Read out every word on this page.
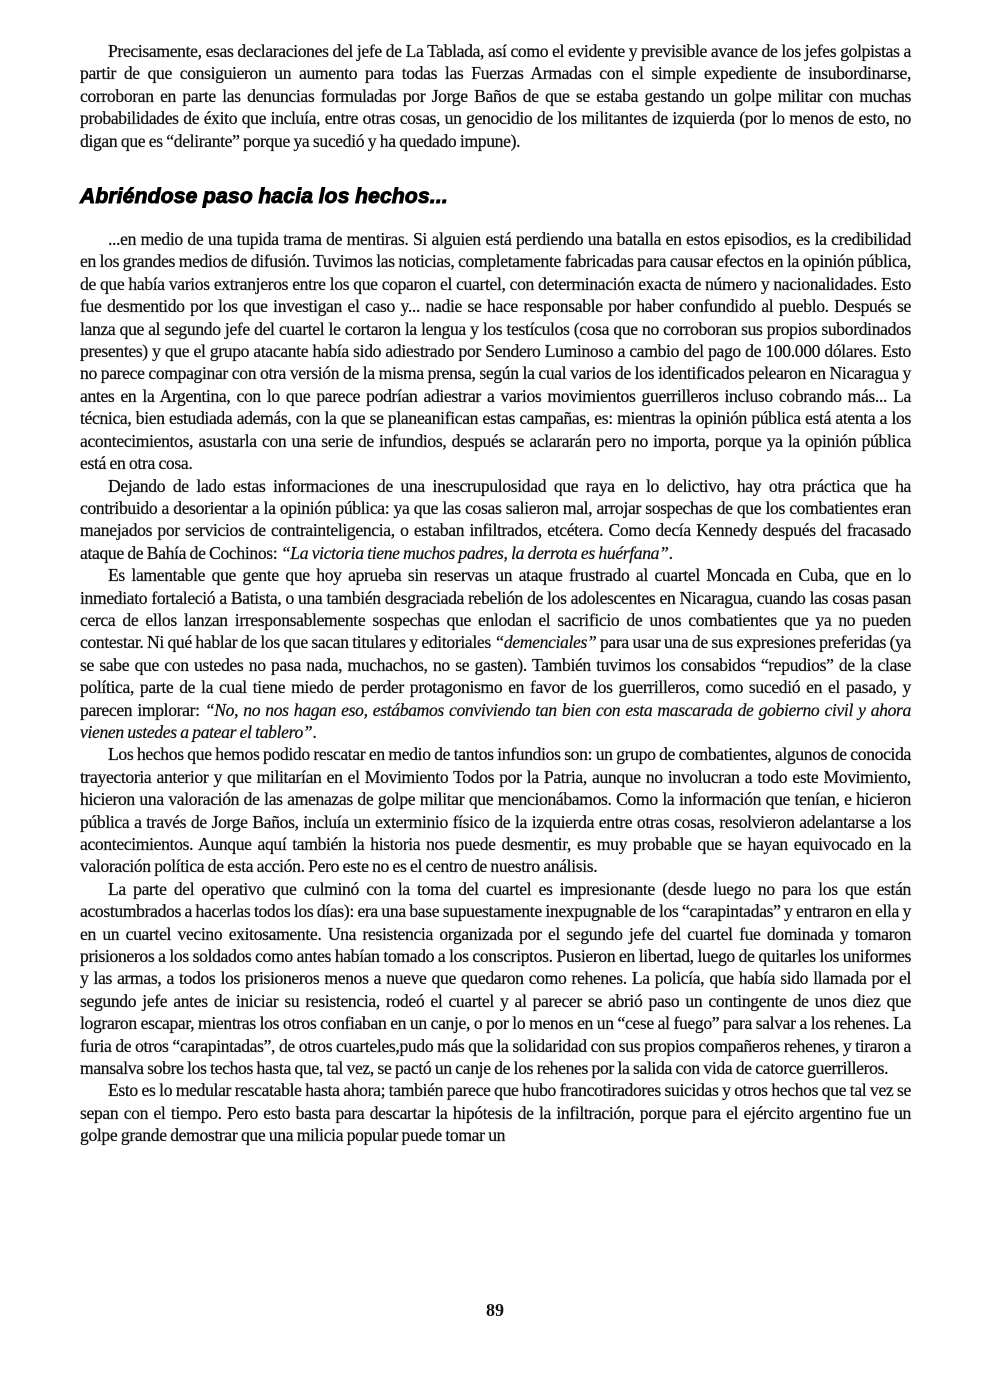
Precisamente, esas declaraciones del jefe de La Tablada, así como el evidente y previsible avance de los jefes golpistas a partir de que consiguieron un aumento para todas las Fuerzas Armadas con el simple expediente de insubordinarse, corroboran en parte las denuncias formuladas por Jorge Baños de que se estaba gestando un golpe militar con muchas probabilidades de éxito que incluía, entre otras cosas, un genocidio de los militantes de izquierda (por lo menos de esto, no digan que es “delirante” porque ya sucedió y ha quedado impune).

Abriéndose paso hacia los hechos...

...en medio de una tupida trama de mentiras. Si alguien está perdiendo una batalla en estos episodios, es la credibilidad en los grandes medios de difusión. Tuvimos las noticias, completamente fabricadas para causar efectos en la opinión pública, de que había varios extranjeros entre los que coparon el cuartel, con determinación exacta de número y nacionalidades. Esto fue desmentido por los que investigan el caso y... nadie se hace responsable por haber confundido al pueblo. Después se lanza que al segundo jefe del cuartel le cortaron la lengua y los testículos (cosa que no corroboran sus propios subordinados presentes) y que el grupo atacante había sido adiestrado por Sendero Luminoso a cambio del pago de 100.000 dólares. Esto no parece compaginar con otra versión de la misma prensa, según la cual varios de los identificados pelearon en Nicaragua y antes en la Argentina, con lo que parece podrían adiestrar a varios movimientos guerrilleros incluso cobrando más... La técnica, bien estudiada además, con la que se planeanifican estas campañas, es: mientras la opinión pública está atenta a los acontecimientos, asustarla con una serie de infundios, después se aclararán pero no importa, porque ya la opinión pública está en otra cosa.

Dejando de lado estas informaciones de una inescrupulosidad que raya en lo delictivo, hay otra práctica que ha contribuido a desorientar a la opinión pública: ya que las cosas salieron mal, arrojar sospechas de que los combatientes eran manejados por servicios de contrainteligencia, o estaban infiltrados, etcétera. Como decía Kennedy después del fracasado ataque de Bahía de Cochinos: “La victoria tiene muchos padres, la derrota es huérfana”.

Es lamentable que gente que hoy aprueba sin reservas un ataque frustrado al cuartel Moncada en Cuba, que en lo inmediato fortaleció a Batista, o una también desgraciada rebelión de los adolescentes en Nicaragua, cuando las cosas pasan cerca de ellos lanzan irresponsablemente sospechas que enlodan el sacrificio de unos combatientes que ya no pueden contestar. Ni qué hablar de los que sacan titulares y editoriales “demenciales” para usar una de sus expresiones preferidas (ya se sabe que con ustedes no pasa nada, muchachos, no se gasten). También tuvimos los consabidos “repudios” de la clase política, parte de la cual tiene miedo de perder protagonismo en favor de los guerrilleros, como sucedió en el pasado, y parecen implorar: “No, no nos hagan eso, estábamos conviviendo tan bien con esta mascarada de gobierno civil y ahora vienen ustedes a patear el tablero”.

Los hechos que hemos podido rescatar en medio de tantos infundios son: un grupo de combatientes, algunos de conocida trayectoria anterior y que militarían en el Movimiento Todos por la Patria, aunque no involucran a todo este Movimiento, hicieron una valoración de las amenazas de golpe militar que mencionábamos. Como la información que tenían, e hicieron pública a través de Jorge Baños, incluía un exterminio físico de la izquierda entre otras cosas, resolvieron adelantarse a los acontecimientos. Aunque aquí también la historia nos puede desmentir, es muy probable que se hayan equivocado en la valoración política de esta acción. Pero este no es el centro de nuestro análisis.

La parte del operativo que culminó con la toma del cuartel es impresionante (desde luego no para los que están acostumbrados a hacerlas todos los días): era una base supuestamente inexpugnable de los “carapintadas” y entraron en ella y en un cuartel vecino exitosamente. Una resistencia organizada por el segundo jefe del cuartel fue dominada y tomaron prisioneros a los soldados como antes habían tomado a los conscriptos. Pusieron en libertad, luego de quitarles los uniformes y las armas, a todos los prisioneros menos a nueve que quedaron como rehenes. La policía, que había sido llamada por el segundo jefe antes de iniciar su resistencia, rodeó el cuartel y al parecer se abrió paso un contingente de unos diez que lograron escapar, mientras los otros confiaban en un canje, o por lo menos en un “cese al fuego” para salvar a los rehenes. La furia de otros “carapintadas”, de otros cuarteles,pudo más que la solidaridad con sus propios compañeros rehenes, y tiraron a mansalva sobre los techos hasta que, tal vez, se pactó un canje de los rehenes por la salida con vida de catorce guerrilleros.

Esto es lo medular rescatable hasta ahora; también parece que hubo francotiradores suicidas y otros hechos que tal vez se sepan con el tiempo. Pero esto basta para descartar la hipótesis de la infiltración, porque para el ejército argentino fue un golpe grande demostrar que una milicia popular puede tomar un

89
